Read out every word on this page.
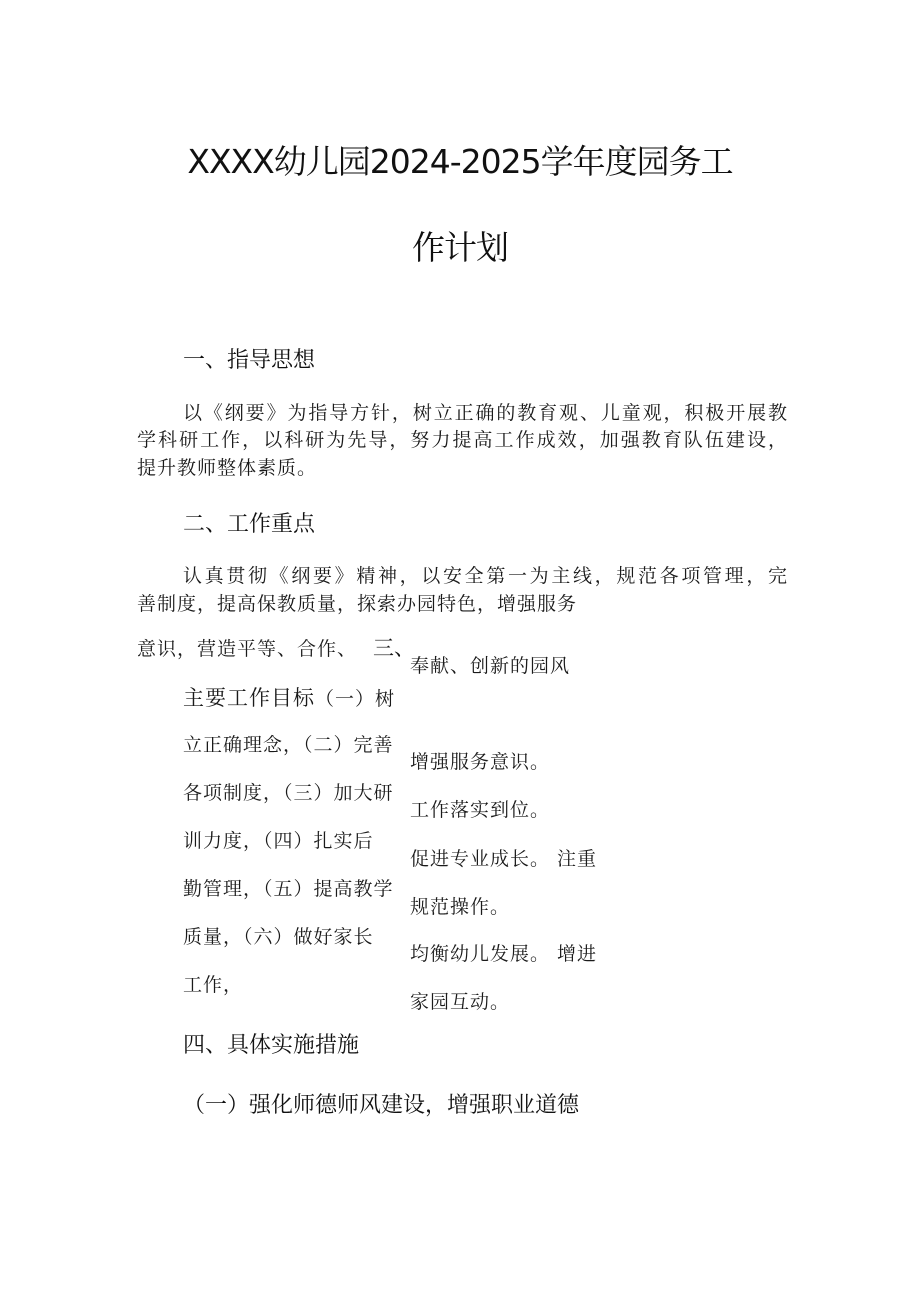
XXXX幼儿园2024-2025学年度园务工
作计划
一、指导思想
以《纲要》为指导方针，树立正确的教育观、儿童观，积极开展教
学科研工作，以科研为先导，努力提高工作成效，加强教育队伍建设，
提升教师整体素质。
二、工作重点
认真贯彻《纲要》精神，以安全第一为主线，规范各项管理，完
善制度，提高保教质量，探索办园特色，增强服务
意识，营造平等、合作、 三、
奉献、创新的园风
主要工作目标（一）树
立正确理念，（二）完善
各项制度，（三）加大研
训力度，（四）扎实后
勤管理，（五）提高教学
质量，（六）做好家长
工作，
增强服务意识。
工作落实到位。
促进专业成长。 注重
规范操作。
均衡幼儿发展。 增进
家园互动。
四、具体实施措施
（一）强化师德师风建设，增强职业道德
